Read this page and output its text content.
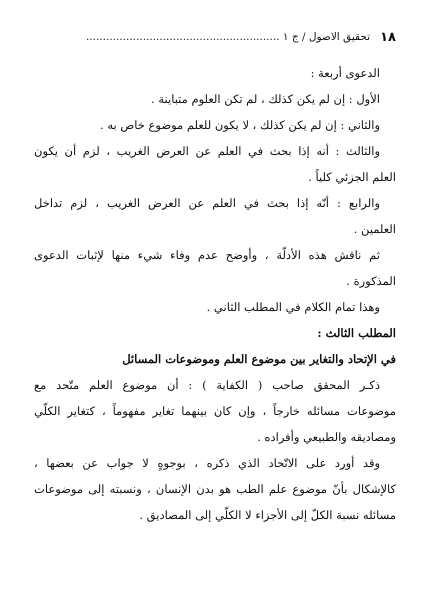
١٨
تحقيق الاصول / ج ١ ..........................................................
الدعوى أربعة :
الأول : إن لم يكن كذلك ، لم تكن العلوم متباينة .
والثاني : إن لم يكن كذلك ، لا يكون للعلم موضوع خاص به .
والثالث : أنه إذا بحث في العلم عن العرض الغريب ، لزم أن يكون
العلم الجزئي كلياً .
والرابع : أنّه إذا بحث في العلم عن العرض الغريب ، لزم تداخل
العلمين .
ثم ناقش هذه الأدلّة ، وأوضح عدم وفاء شيء منها لإثبات الدعوى
المذكورة .
وهذا تمام الكلام في المطلب الثاني .
المطلب الثالث :
في الإتحاد والتغاير بين موضوع العلم وموضوعات المسائل
ذكـر المحقق صاحب ( الكفاية ) : أن موضوع العلم متّحد مع
موضوعات مسائله خارجاً ، وإن كان بينهما تغاير مفهوماً ، كتغاير الكلّي
ومصاديقه والطبيعي وأفراده .
وقد أورد على الاتّحاد الذي ذكره ، بوجوهٍ لا جواب عن بعضها ،
كالإشكال بأنّ موضوع علم الطب هو بدن الإنسان ، ونسبته إلى موضوعات
مسائله نسبة الكلّ إلى الأجزاء لا الكلّي إلى المصاديق .
